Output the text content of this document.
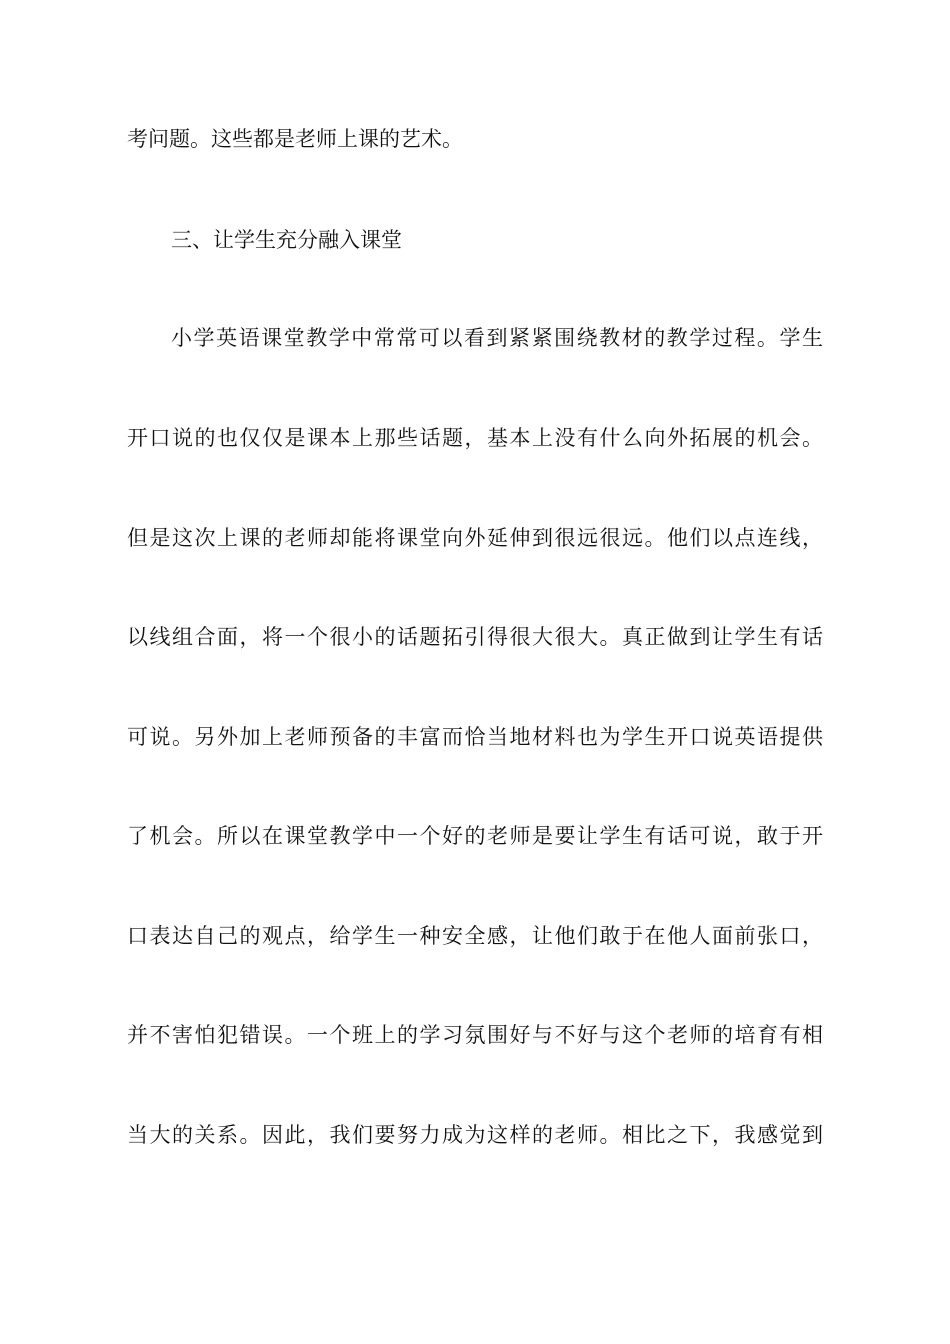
考问题。这些都是老师上课的艺术。
三、让学生充分融入课堂
小学英语课堂教学中常常可以看到紧紧围绕教材的教学过程。学生
开口说的也仅仅是课本上那些话题，基本上没有什么向外拓展的机会。
但是这次上课的老师却能将课堂向外延伸到很远很远。他们以点连线，
以线组合面，将一个很小的话题拓引得很大很大。真正做到让学生有话
可说。另外加上老师预备的丰富而恰当地材料也为学生开口说英语提供
了机会。所以在课堂教学中一个好的老师是要让学生有话可说，敢于开
口表达自己的观点，给学生一种安全感，让他们敢于在他人面前张口，
并不害怕犯错误。一个班上的学习氛围好与不好与这个老师的培育有相
当大的关系。因此，我们要努力成为这样的老师。相比之下，我感觉到
